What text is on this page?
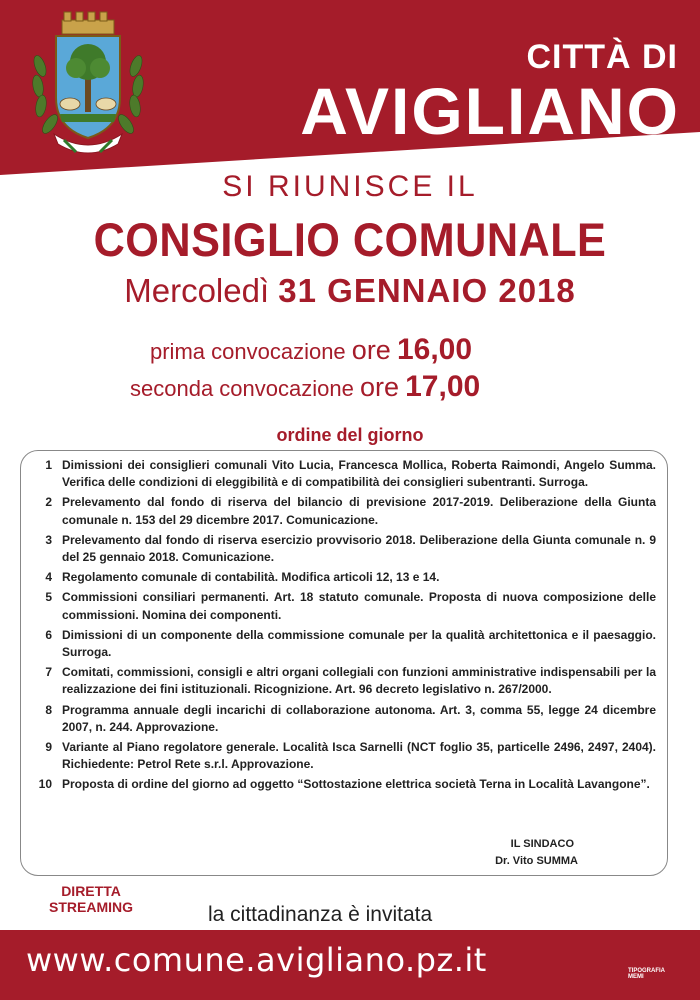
CITTÀ DI
AVIGLIANO
SI RIUNISCE IL
CONSIGLIO COMUNALE
Mercoledì 31 GENNAIO 2018
prima convocazione ore 16,00
seconda convocazione ore 17,00
ordine del giorno
1 Dimissioni dei consiglieri comunali Vito Lucia, Francesca Mollica, Roberta Raimondi, Angelo Summa. Verifica delle condizioni di eleggibilità e di compatibilità dei consiglieri subentranti. Surroga.
2 Prelevamento dal fondo di riserva del bilancio di previsione 2017-2019. Deliberazione della Giunta comunale n. 153 del 29 dicembre 2017. Comunicazione.
3 Prelevamento dal fondo di riserva esercizio provvisorio 2018. Deliberazione della Giunta comunale n. 9 del 25 gennaio 2018. Comunicazione.
4 Regolamento comunale di contabilità. Modifica articoli 12, 13 e 14.
5 Commissioni consiliari permanenti. Art. 18 statuto comunale. Proposta di nuova composizione delle commissioni. Nomina dei componenti.
6 Dimissioni di un componente della commissione comunale per la qualità architettonica e il paesaggio. Surroga.
7 Comitati, commissioni, consigli e altri organi collegiali con funzioni amministrative indispensabili per la realizzazione dei fini istituzionali. Ricognizione. Art. 96 decreto legislativo n. 267/2000.
8 Programma annuale degli incarichi di collaborazione autonoma. Art. 3, comma 55, legge 24 dicembre 2007, n. 244. Approvazione.
9 Variante al Piano regolatore generale. Località Isca Sarnelli (NCT foglio 35, particelle 2496, 2497, 2404). Richiedente: Petrol Rete s.r.l. Approvazione.
10 Proposta di ordine del giorno ad oggetto “Sottostazione elettrica società Terna in Località Lavangone”.
IL SINDACO
Dr. Vito SUMMA
DIRETTA
STREAMING	la cittadinanza è invitata
www.comune.avigliano.pz.it	TIPOGRAFIA
MEMI
